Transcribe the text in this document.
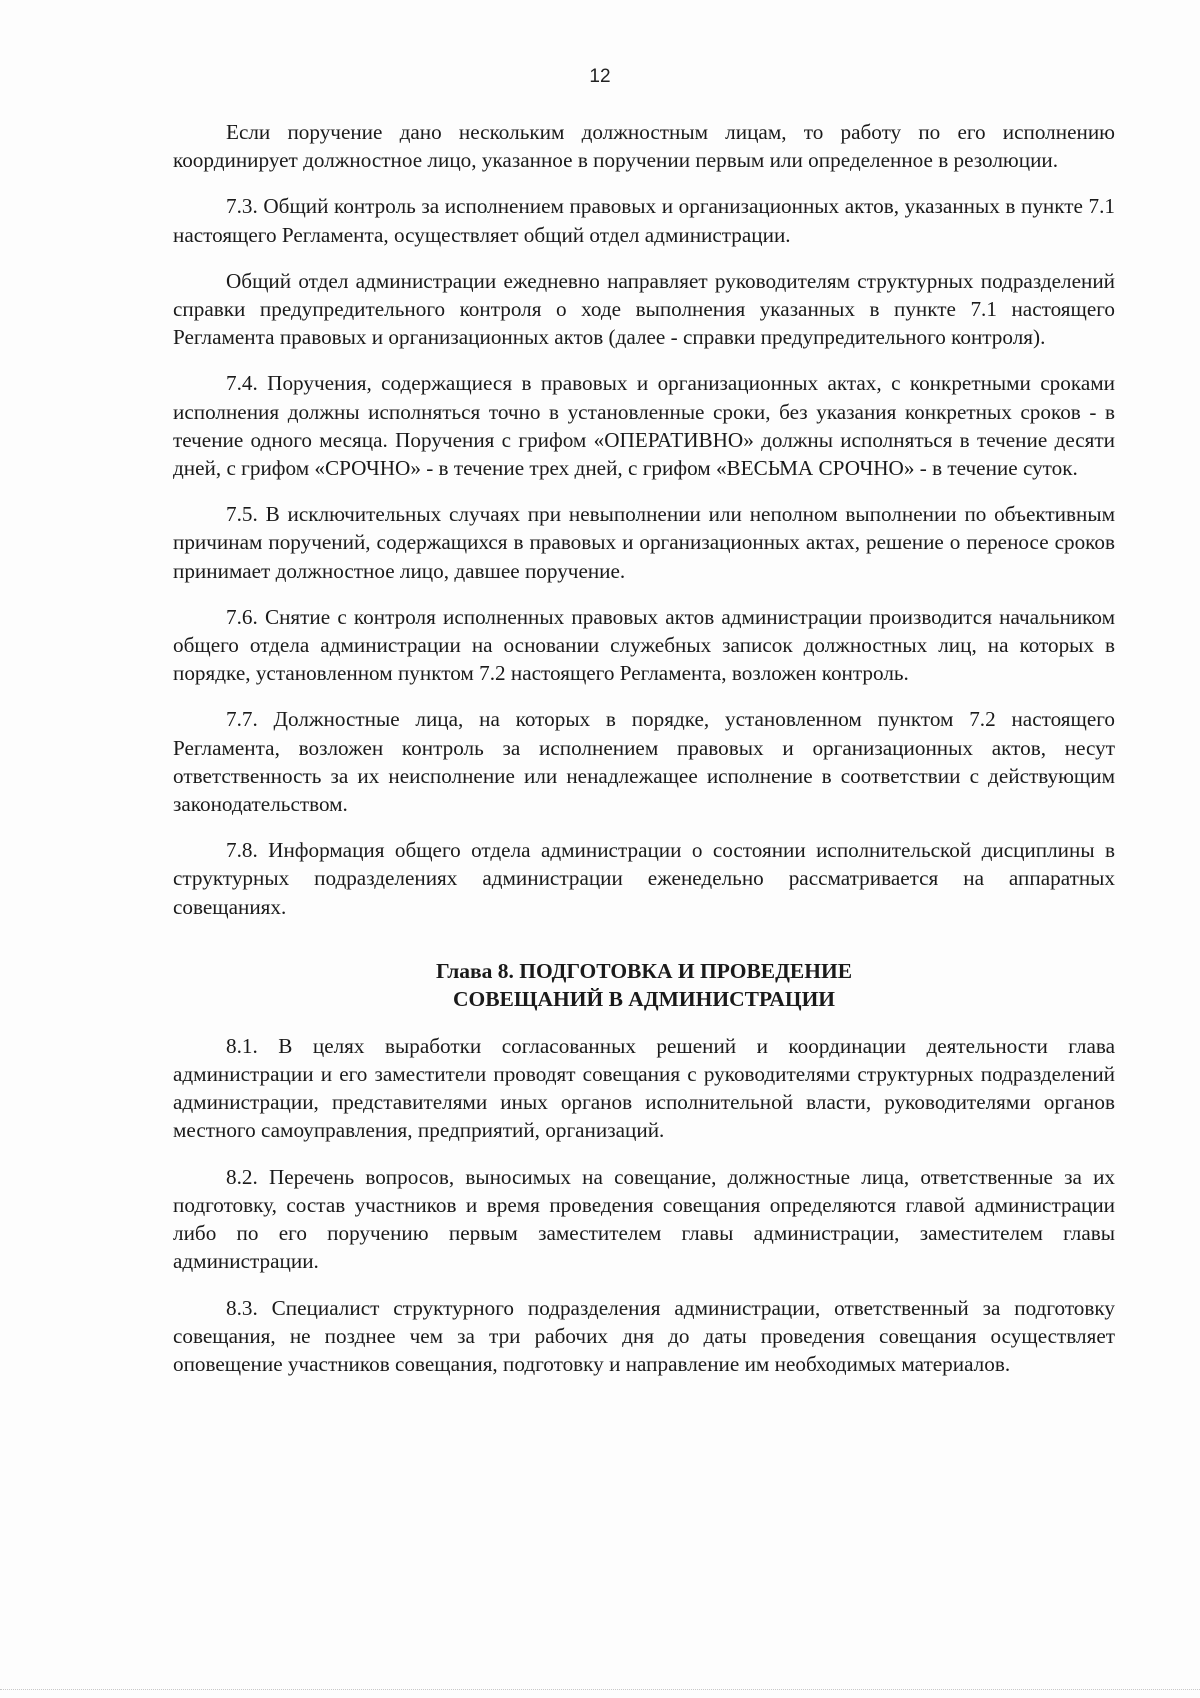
12

Если поручение дано нескольким должностным лицам, то работу по его исполнению координирует должностное лицо, указанное в поручении первым или определенное в резолюции.

7.3. Общий контроль за исполнением правовых и организационных актов, указанных в пункте 7.1 настоящего Регламента, осуществляет общий отдел администрации.

Общий отдел администрации ежедневно направляет руководителям структурных подразделений справки предупредительного контроля о ходе выполнения указанных в пункте 7.1 настоящего Регламента правовых и организационных актов (далее - справки предупредительного контроля).

7.4. Поручения, содержащиеся в правовых и организационных актах, с конкретными сроками исполнения должны исполняться точно в установленные сроки, без указания конкретных сроков - в течение одного месяца. Поручения с грифом «ОПЕРАТИВНО» должны исполняться в течение десяти дней, с грифом «СРОЧНО» - в течение трех дней, с грифом «ВЕСЬМА СРОЧНО» - в течение суток.

7.5. В исключительных случаях при невыполнении или неполном выполнении по объективным причинам поручений, содержащихся в правовых и организационных актах, решение о переносе сроков принимает должностное лицо, давшее поручение.

7.6. Снятие с контроля исполненных правовых актов администрации производится начальником общего отдела администрации на основании служебных записок должностных лиц, на которых в порядке, установленном пунктом 7.2 настоящего Регламента, возложен контроль.

7.7. Должностные лица, на которых в порядке, установленном пунктом 7.2 настоящего Регламента, возложен контроль за исполнением правовых и организационных актов, несут ответственность за их неисполнение или ненадлежащее исполнение в соответствии с действующим законодательством.

7.8. Информация общего отдела администрации о состоянии исполнительской дисциплины в структурных подразделениях администрации еженедельно рассматривается на аппаратных совещаниях.

Глава 8. ПОДГОТОВКА И ПРОВЕДЕНИЕ
СОВЕЩАНИЙ В АДМИНИСТРАЦИИ

8.1. В целях выработки согласованных решений и координации деятельности глава администрации и его заместители проводят совещания с руководителями структурных подразделений администрации, представителями иных органов исполнительной власти, руководителями органов местного самоуправления, предприятий, организаций.

8.2. Перечень вопросов, выносимых на совещание, должностные лица, ответственные за их подготовку, состав участников и время проведения совещания определяются главой администрации либо по его поручению первым заместителем главы администрации, заместителем главы администрации.

8.3. Специалист структурного подразделения администрации, ответственный за подготовку совещания, не позднее чем за три рабочих дня до даты проведения совещания осуществляет оповещение участников совещания, подготовку и направление им необходимых материалов.
